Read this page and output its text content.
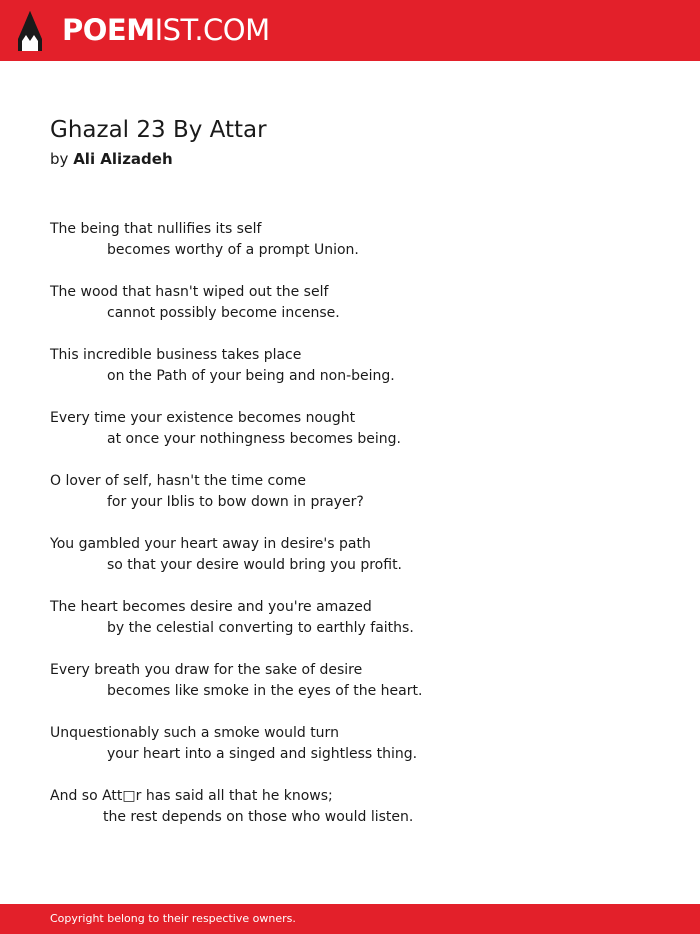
POEMIST.COM
Ghazal 23 By Attar
by Ali Alizadeh
The being that nullifies its self
becomes worthy of a prompt Union.
The wood that hasn't wiped out the self
cannot possibly become incense.
This incredible business takes place
on the Path of your being and non-being.
Every time your existence becomes nought
at once your nothingness becomes being.
O lover of self, hasn't the time come
for your Iblis to bow down in prayer?
You gambled your heart away in desire's path
so that your desire would bring you profit.
The heart becomes desire and you're amazed
by the celestial converting to earthly faiths.
Every breath you draw for the sake of desire
becomes like smoke in the eyes of the heart.
Unquestionably such a smoke would turn
your heart into a singed and sightless thing.
And so Att□r has said all that he knows;
the rest depends on those who would listen.
Copyright belong to their respective owners.
